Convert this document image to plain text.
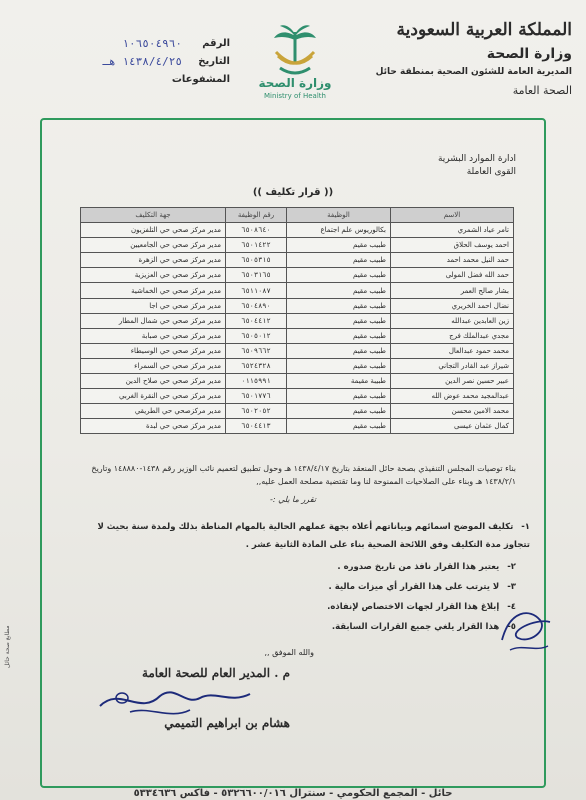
المملكة العربية السعودية
وزارة الصحة
المديرية العامة للشئون الصحية بمنطقة حائل
الصحة العامة
وزارة الصحة
Ministry of Health
الرقم
١٠٦٥٠٤٩٦٠
التاريخ
١٤٣٨/٤/٢٥ هـ
المشفوعات
ادارة الموارد البشرية
القوى العاملة
(( قرار تكليف ))
الاسم	الوظيفة	رقم الوظيفة	جهة التكليف
تامر عياد الشمري	بكالوريوس علم اجتماع	٦٥٠٨٦٤٠	مدير مركز صحي حي التلفزيون
احمد يوسف الحلاق	طبيب مقيم	٦٥٠١٤٢٢	مدير مركز صحي حي الجامعيين
حمد النيل محمد احمد	طبيب مقيم	٦٥٠٥٣١٥	مدير مركز صحي حي الزهرة
حمد الله فضل المولى	طبيب مقيم	٦٥٠٣١٦٥	مدير مركز صحي حي العزيزية
بشار صالح العمر	طبيب مقيم	٦٥١١٠٨٧	مدير مركز صحي حي الخماشية
نضال احمد الخريري	طبيب مقيم	٦٥٠٤٨٩٠	مدير مركز صحي حي اجا
زين العابدين عبدالله	طبيب مقيم	٦٥٠٤٤١٢	مدير مركز صحي حي شمال المطار
مجدي عبدالملك فرج	طبيب مقيم	٦٥٠٥٠١٢	مدير مركز صحي حي صبابة
محمد حمود عبدالعال	طبيب مقيم	٦٥٠٩٦٦٢	مدير مركز صحي حي الوسيطاء
شيراز عبد القادر التجاني	طبيب مقيم	٦٥٢٤٣٢٨	مدير مركز صحي حي السمراء
عبير حسين نصر الدين	طبيبة مقيمة	٠١١٥٩٩١	مدير مركز صحي حي صلاح الدين
عبدالمجيد محمد عوض الله	طبيب مقيم	٦٥٠١٧٧٦	مدير مركز صحي حي النقرة الغربي
محمد الامين محسن	طبيب مقيم	٦٥٠٢٠٥٢	مدير مركزصحي حي الطريقي
كمال عثمان عيسى	طبيب مقيم	٦٥٠٤٤١٣	مدير مركز صحي حي لبدة
بناء توصيات المجلس التنفيذي بصحة حائل المنعقد بتاريخ ١٤٣٨/٤/١٧ هـ وحول تطبيق لتعميم نائب الوزير رقم ١٤٣٨-١٤٨٨٨٠ وتاريخ ١٤٣٨/٢/١ هـ وبناء على الصلاحيات الممنوحة لنا وما تقتضية مصلحة العمل عليه,,
تقرر ما يلي :-
١-تكليف الموضح اسمائهم وبياناتهم أعلاه بجهة عملهم الحالية بالمهام المناطة بذلك ولمدة سنة بحيث لا تتجاوز مدة التكليف وفق اللائحة الصحية بناء على المادة الثانية عشر .
٢-يعتبر هذا القرار نافذ من تاريخ صدوره .
٣-لا يترتب على هذا القرار أي ميزات مالية .
٤-إبلاغ هذا القرار لجهات الاختصاص لإنفاذه.
٥-هذا القرار يلغي جميع القرارات السابقة.
والله الموفق ,,
م . المدير العام للصحة العامة
هشام بن ابراهيم التميمي
مطابع صحة حائل
حائل - المجمع الحكومي - سنترال ٥٣٢٦٦٠٠/٠١٦ - فاكس ٥٣٣٤٦٣٦
